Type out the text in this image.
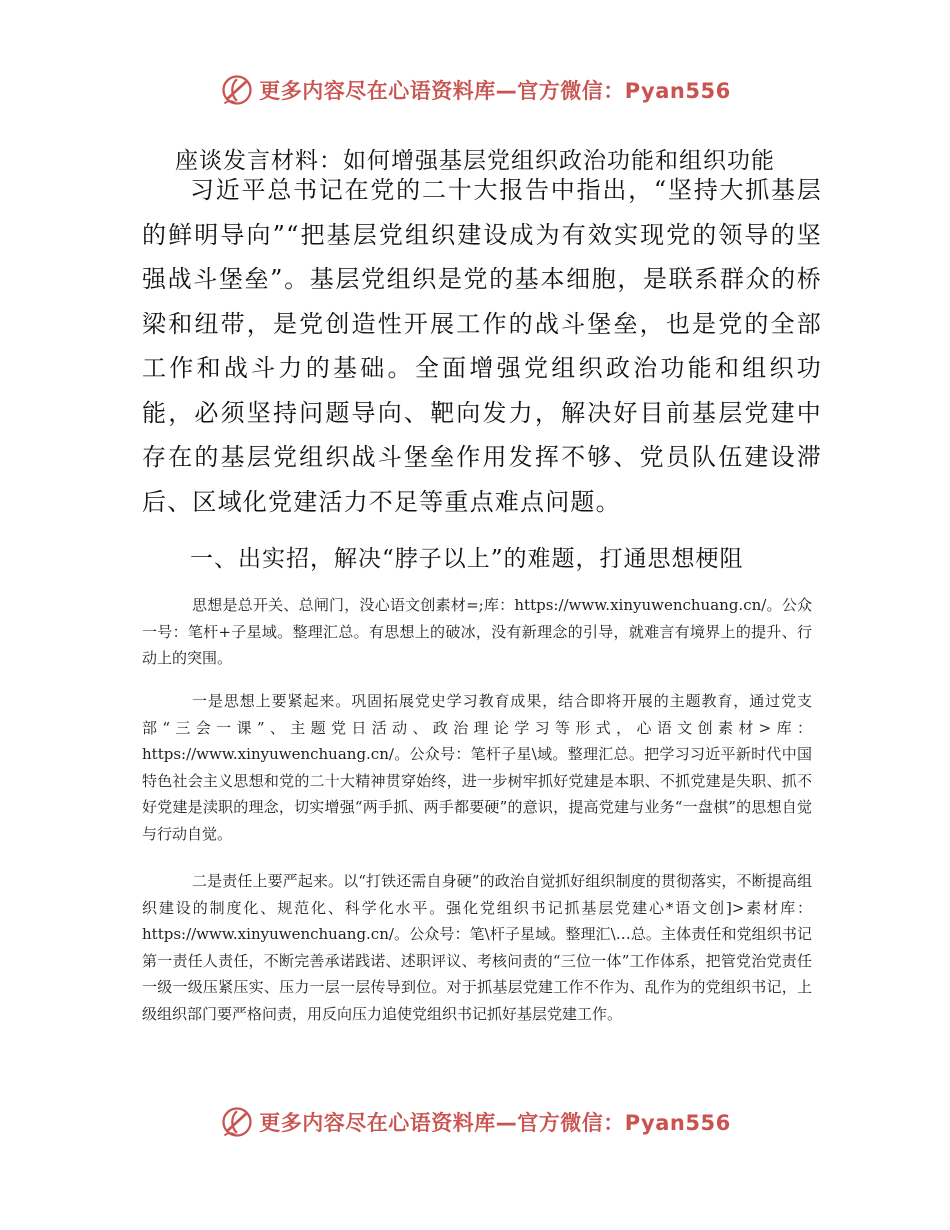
更多内容尽在心语资料库—官方微信：Pyan556
座谈发言材料：如何增强基层党组织政治功能和组织功能
习近平总书记在党的二十大报告中指出，“坚持大抓基层的鲜明导向”“把基层党组织建设成为有效实现党的领导的坚强战斗堡垒”。基层党组织是党的基本细胞，是联系群众的桥梁和纽带，是党创造性开展工作的战斗堡垒，也是党的全部工作和战斗力的基础。全面增强党组织政治功能和组织功能，必须坚持问题导向、靶向发力，解决好目前基层党建中存在的基层党组织战斗堡垒作用发挥不够、党员队伍建设滞后、区域化党建活力不足等重点难点问题。
一、出实招，解决“脖子以上”的难题，打通思想梗阻
思想是总开关、总闸门，没心语文创素材=;库：https://www.xinyuwenchuang.cn/。公众一号：笔杆+子星域。整理汇总。有思想上的破冰，没有新理念的引导，就难言有境界上的提升、行动上的突围。
一是思想上要紧起来。巩固拓展党史学习教育成果，结合即将开展的主题教育，通过党支部“三会一课”、主题党日活动、政治理论学习等形式，心语文创素材>库：https://www.xinyuwenchuang.cn/。公众号：笔杆子星\域。整理汇总。把学习习近平新时代中国特色社会主义思想和党的二十大精神贯穿始终，进一步树牢抓好党建是本职、不抓党建是失职、抓不好党建是渎职的理念，切实增强“两手抓、两手都要硬”的意识，提高党建与业务“一盘棋”的思想自觉与行动自觉。
二是责任上要严起来。以“打铁还需自身硬”的政治自觉抓好组织制度的贯彻落实，不断提高组织建设的制度化、规范化、科学化水平。强化党组织书记抓基层党建心*语文创]>素材库：https://www.xinyuwenchuang.cn/。公众号：笔\杆子星域。整理汇\…总。主体责任和党组织书记第一责任人责任，不断完善承诺践诺、述职评议、考核问责的“三位一体”工作体系，把管党治党责任一级一级压紧压实、压力一层一层传导到位。对于抓基层党建工作不作为、乱作为的党组织书记，上级组织部门要严格问责，用反向压力追使党组织书记抓好基层党建工作。
更多内容尽在心语资料库—官方微信：Pyan556
